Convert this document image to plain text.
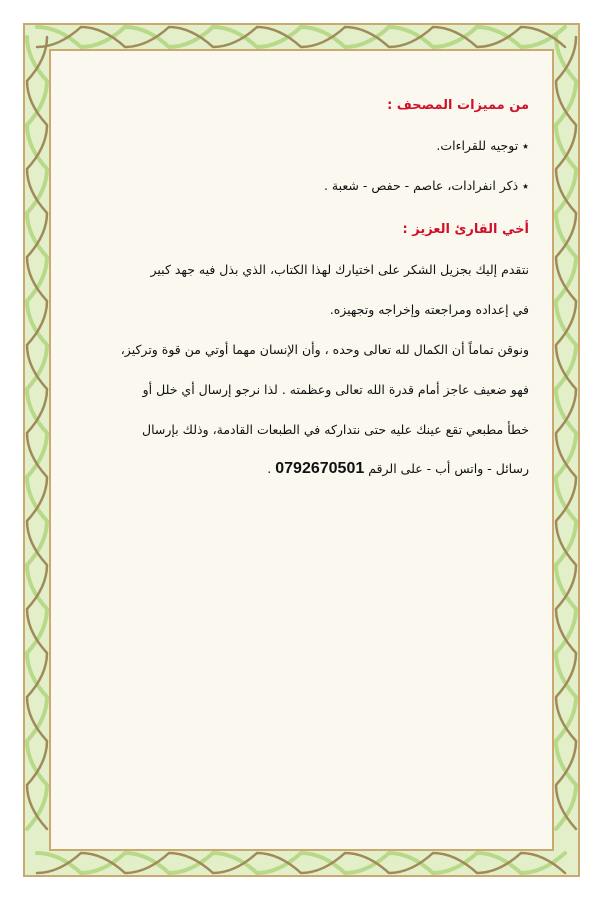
من مميزات المصحف :
٭ توجيه للقراءات.
٭ ذكر انفرادات، عاصم - حفص - شعبة .
أخي القارئ العزيز :
نتقدم إليك بجزيل الشكر على اختيارك لهذا الكتاب، الذي بذل فيه جهد كبير
في إعداده ومراجعته وإخراجه وتجهيزه.
ونوقن تماماً أن الكمال لله تعالى وحده ، وأن الإنسان مهما أوتي من قوة وتركيز،
فهو ضعيف عاجز أمام قدرة الله تعالى وعظمته . لذا نرجو إرسال أي خلل أو
خطأ مطبعي تقع عينك عليه حتى نتداركه في الطبعات القادمة، وذلك بإرسال
رسائل - واتس أب - على الرقم 0792670501 .
